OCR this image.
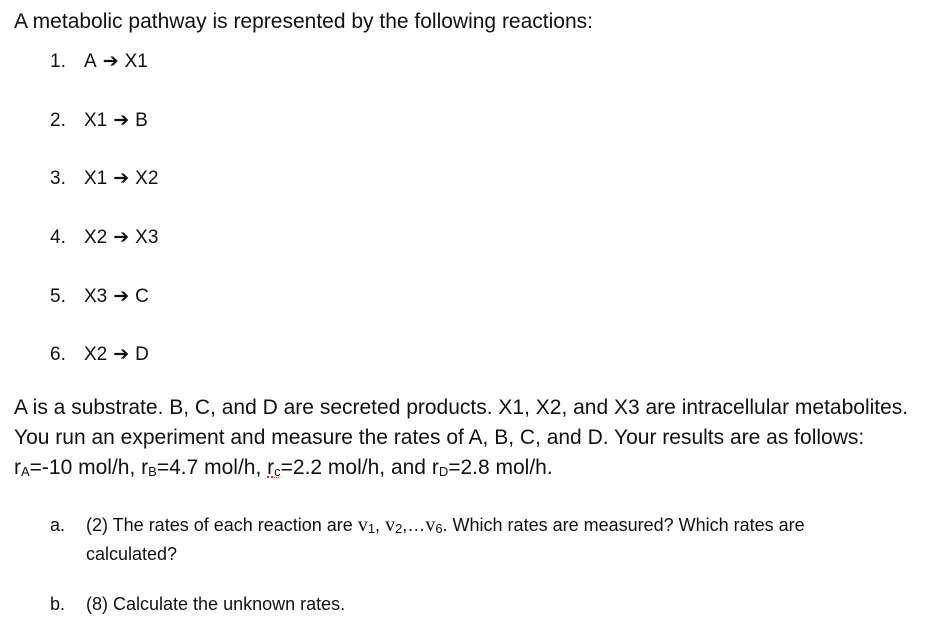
A metabolic pathway is represented by the following reactions:
1. A ➔ X1
2. X1 ➔ B
3. X1 ➔ X2
4. X2 ➔ X3
5. X3 ➔ C
6. X2 ➔ D
A is a substrate. B, C, and D are secreted products. X1, X2, and X3 are intracellular metabolites.
You run an experiment and measure the rates of A, B, C, and D. Your results are as follows:
rA=-10 mol/h, rB=4.7 mol/h, rc=2.2 mol/h, and rD=2.8 mol/h.
a. (2) The rates of each reaction are v1, v2,…v6. Which rates are measured? Which rates are
calculated?
b. (8) Calculate the unknown rates.
